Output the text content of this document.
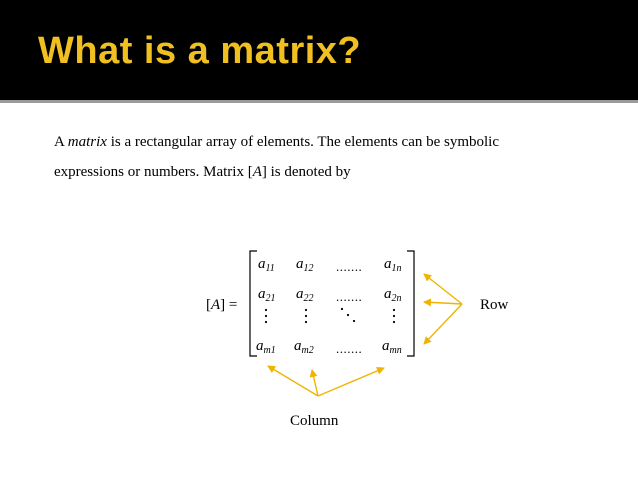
What is a matrix?
A matrix is a rectangular array of elements. The elements can be symbolic
expressions or numbers. Matrix [A] is denoted by
[A] =
$a_{11}$ $a_{12}$ ....... $a_{1n}$
$a_{21}$ $a_{22}$ ....... $a_{2n}$
$a_{m1}$ $a_{m2}$ ....... $a_{mn}$
Row
Column
